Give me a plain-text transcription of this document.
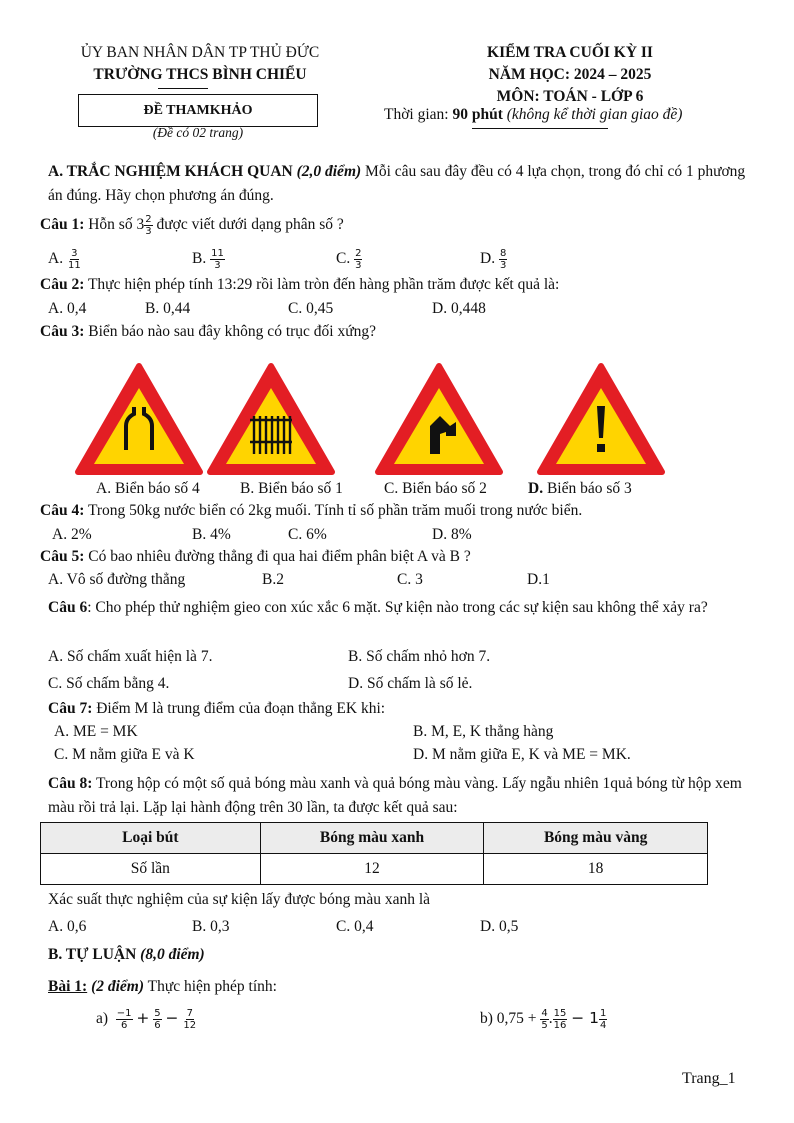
ỦY BAN NHÂN DÂN TP THỦ ĐỨC
TRƯỜNG THCS BÌNH CHIỂU
ĐỀ THAMKHẢO
(Đề có 02 trang)
KIỂM TRA CUỐI KỲ II
NĂM HỌC: 2024 – 2025
MÔN: TOÁN - LỚP 6
Thời gian: 90 phút (không kể thời gian giao đề)
A. TRẮC NGHIỆM KHÁCH QUAN (2,0 điểm) Mỗi câu sau đây đều có 4 lựa chọn, trong đó chỉ có 1 phương án đúng. Hãy chọn phương án đúng.
Câu 1: Hỗn số $3 \frac{2}{3}$ được viết dưới dạng phân số ?
A. $\frac{3}{11}$	B. $\frac{11}{3}$	C. $\frac{2}{3}$	D. $\frac{8}{3}$
Câu 2: Thực hiện phép tính 13:29 rồi làm tròn đến hàng phần trăm được kết quả là:
A. 0,4	B. 0,44	C. 0,45	D. 0,448
Câu 3: Biển báo nào sau đây không có trục đối xứng?
A. Biển báo số 4	B. Biển báo số 1	C. Biển báo số 2	D. Biển báo số 3
Câu 4: Trong 50kg nước biển có 2kg muối. Tính tỉ số phần trăm muối trong nước biển.
A. 2%	B. 4%	C. 6%	D. 8%
Câu 5: Có bao nhiêu đường thẳng đi qua hai điểm phân biệt A và B ?
A. Vô số đường thẳng	B.2	C. 3	D.1
Câu 6: Cho phép thử nghiệm gieo con xúc xắc 6 mặt. Sự kiện nào trong các sự kiện sau không thể xảy ra?
A. Số chấm xuất hiện là 7.	B. Số chấm nhỏ hơn 7.
C. Số chấm bằng 4.	D. Số chấm là số lẻ.
Câu 7: Điểm M là trung điểm của đoạn thẳng EK khi:
A. ME = MK	B. M, E, K thẳng hàng
C. M nằm giữa E và K	D. M nằm giữa E, K và ME = MK.
Câu 8: Trong hộp có một số quả bóng màu xanh và quả bóng màu vàng. Lấy ngẫu nhiên 1quả bóng từ hộp xem màu rồi trả lại. Lặp lại hành động trên 30 lần, ta được kết quả sau:
Loại bút	Bóng màu xanh	Bóng màu vàng
Số lần	12	18
Xác suất thực nghiệm của sự kiện lấy được bóng màu xanh là
A. 0,6	B. 0,3	C. 0,4	D. 0,5
B. TỰ LUẬN (8,0 điểm)
Bài 1: (2 điểm) Thực hiện phép tính:
$a) \frac{-1}{6} + \frac{5}{6} - \frac{7}{12}$	b) $0,75 + \frac{4}{5}$ . $\frac{15}{16} - 1 \frac{1}{4}$
Trang_1
